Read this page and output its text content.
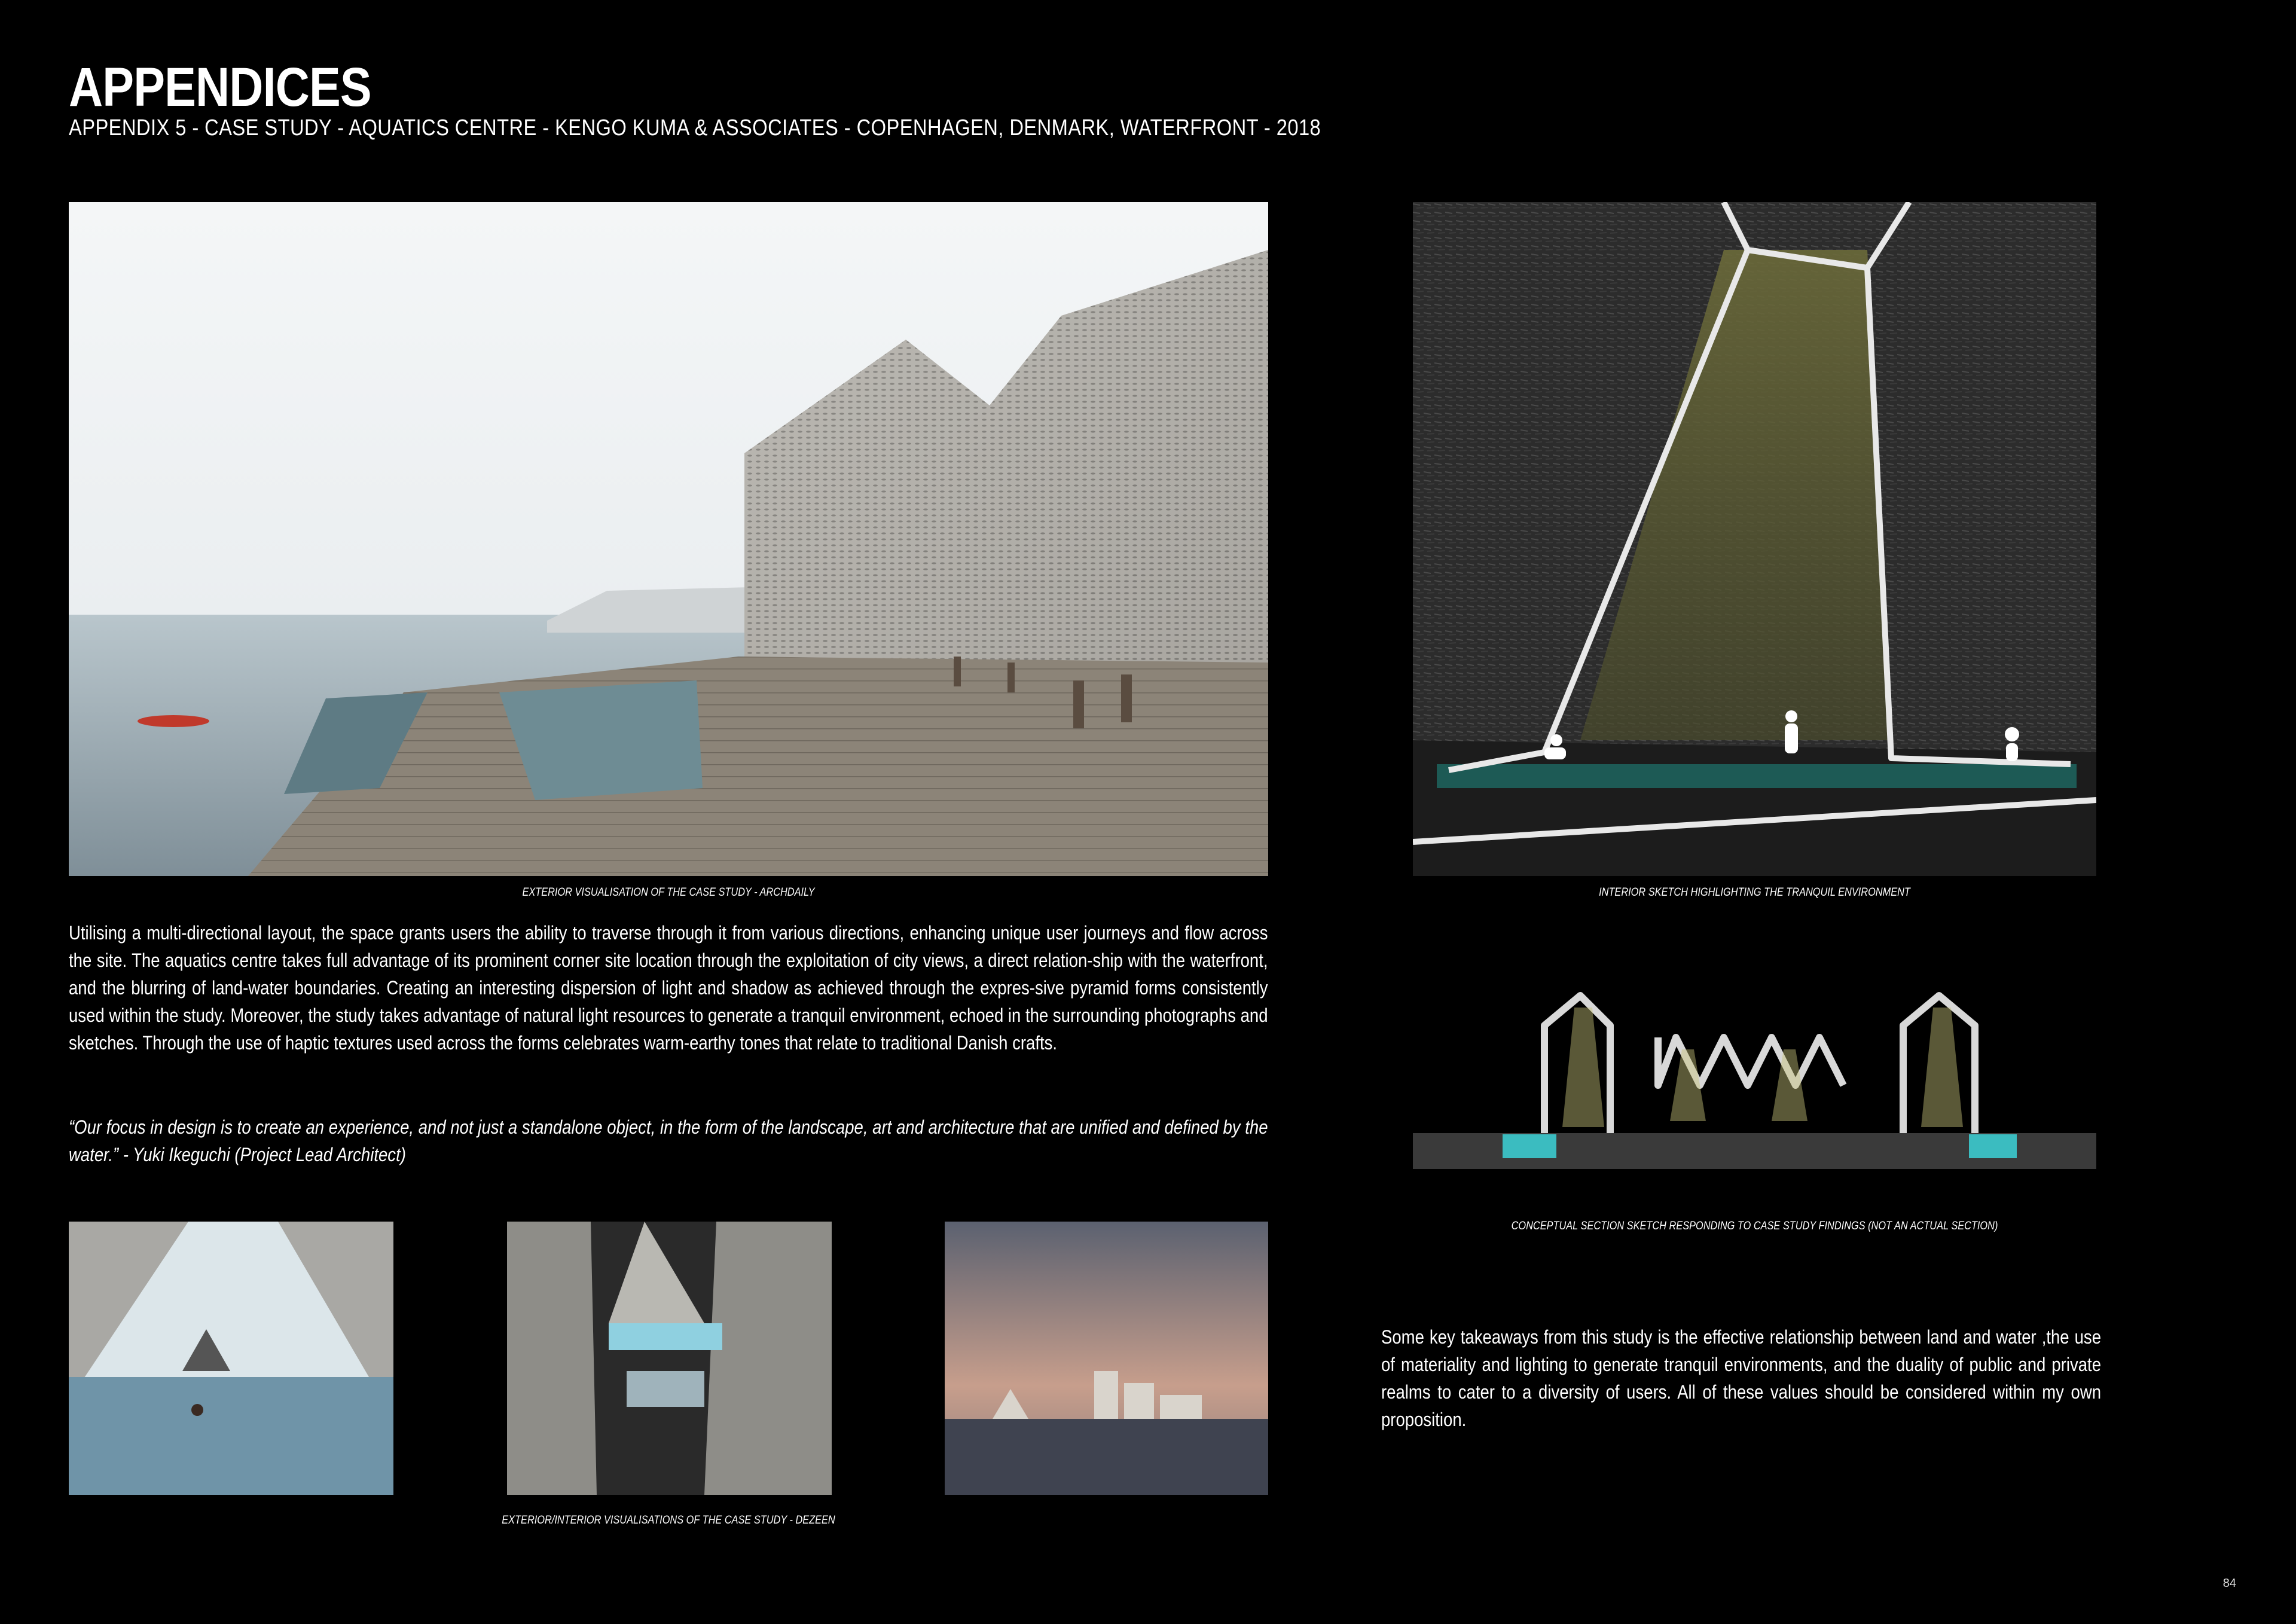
APPENDICES
APPENDIX 5 - CASE STUDY - AQUATICS CENTRE - KENGO KUMA & ASSOCIATES - COPENHAGEN, DENMARK, WATERFRONT - 2018
EXTERIOR VISUALISATION OF THE CASE STUDY - ARCHDAILY	INTERIOR SKETCH HIGHLIGHTING THE TRANQUIL ENVIRONMENT
Utilising a multi-directional layout, the space grants users the ability to traverse through it from various directions, enhancing unique user journeys and flow across the site. The aquatics centre takes full advantage of its prominent corner site location through the exploitation of city views, a direct relation-ship with the waterfront, and the blurring of land-water boundaries. Creating an interesting dispersion of light and shadow as achieved through the expres-sive pyramid forms consistently used within the study. Moreover, the study takes advantage of natural light resources to generate a tranquil environment, echoed in the surrounding photographs and sketches. Through the use of haptic textures used across the forms celebrates warm-earthy tones that relate to traditional Danish crafts.
“Our focus in design is to create an experience, and not just a standalone object, in the form of the landscape, art and architecture that are unified and defined by the water.” - Yuki Ikeguchi (Project Lead Architect)
CONCEPTUAL SECTION SKETCH RESPONDING TO CASE STUDY FINDINGS (NOT AN ACTUAL SECTION)
Some key takeaways from this study is the effective relationship between land and water ,the use of materiality and lighting to generate tranquil environments, and the duality of public and private realms to cater to a diversity of users. All of these values should be considered within my own proposition.
EXTERIOR/INTERIOR VISUALISATIONS OF THE CASE STUDY - DEZEEN
84
